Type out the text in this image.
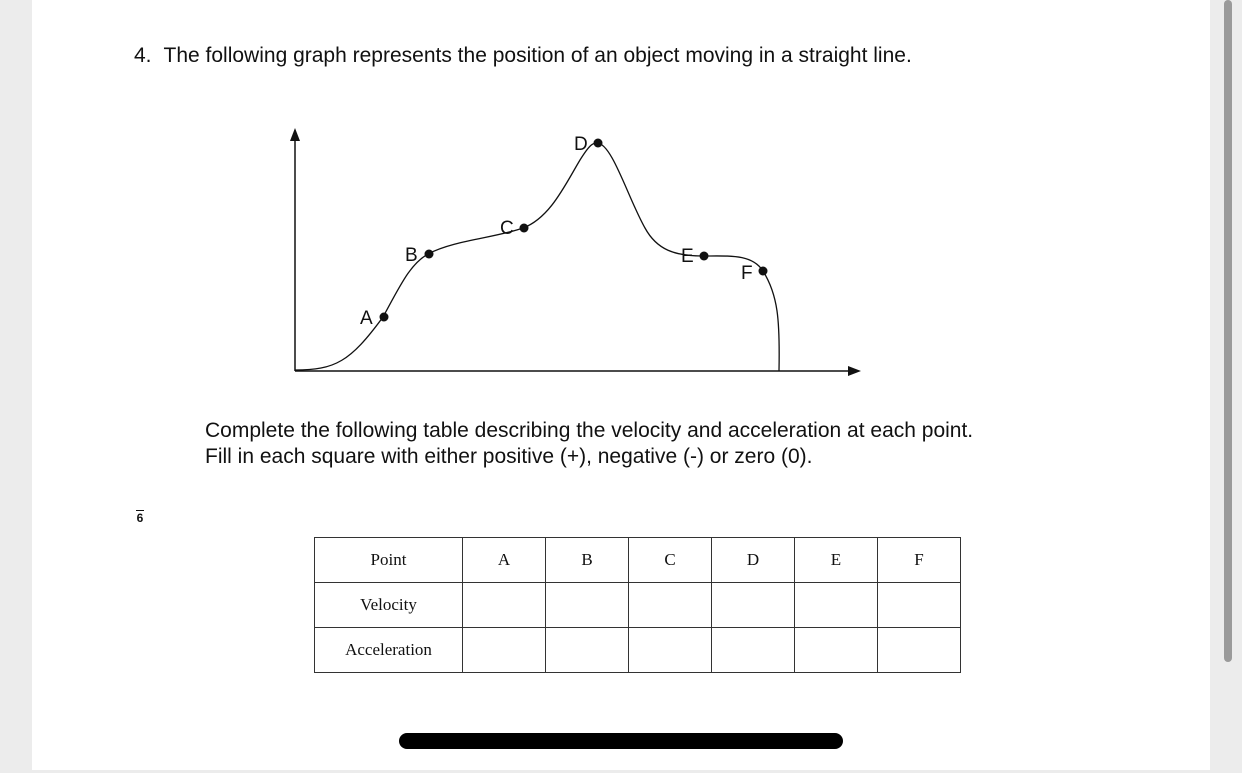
4. The following graph represents the position of an object moving in a straight line.
A
B
C
D
E
F
Complete the following table describing the velocity and acceleration at each point.
Fill in each square with either positive (+), negative (-) or zero (0).
6
Point	A	B	C	D	E	F
Velocity						
Acceleration						
